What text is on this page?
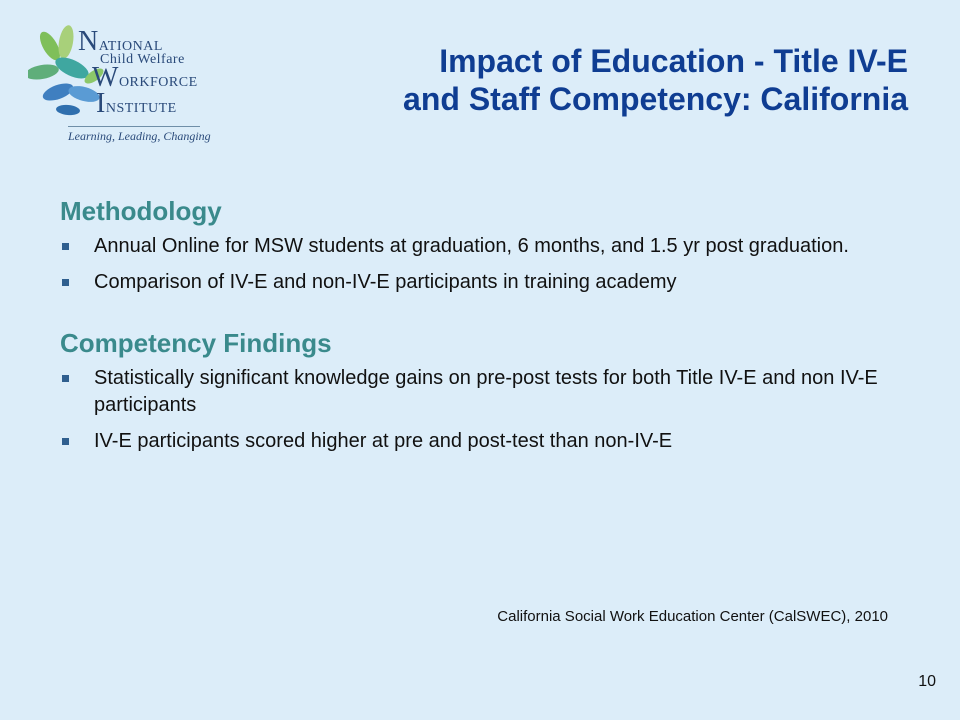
NATIONAL
Child Welfare
WORKFORCE
INSTITUTE
Learning, Leading, Changing
Impact of Education - Title IV-E
and Staff Competency: California
Methodology
Annual Online for MSW students at graduation, 6 months, and 1.5 yr post graduation.
Comparison of IV-E and non-IV-E participants in training academy
Competency Findings
Statistically significant knowledge gains on pre-post tests for both Title IV-E and non IV-E participants
IV-E participants scored higher at pre and post-test than non-IV-E
California Social Work Education Center (CalSWEC), 2010
10
